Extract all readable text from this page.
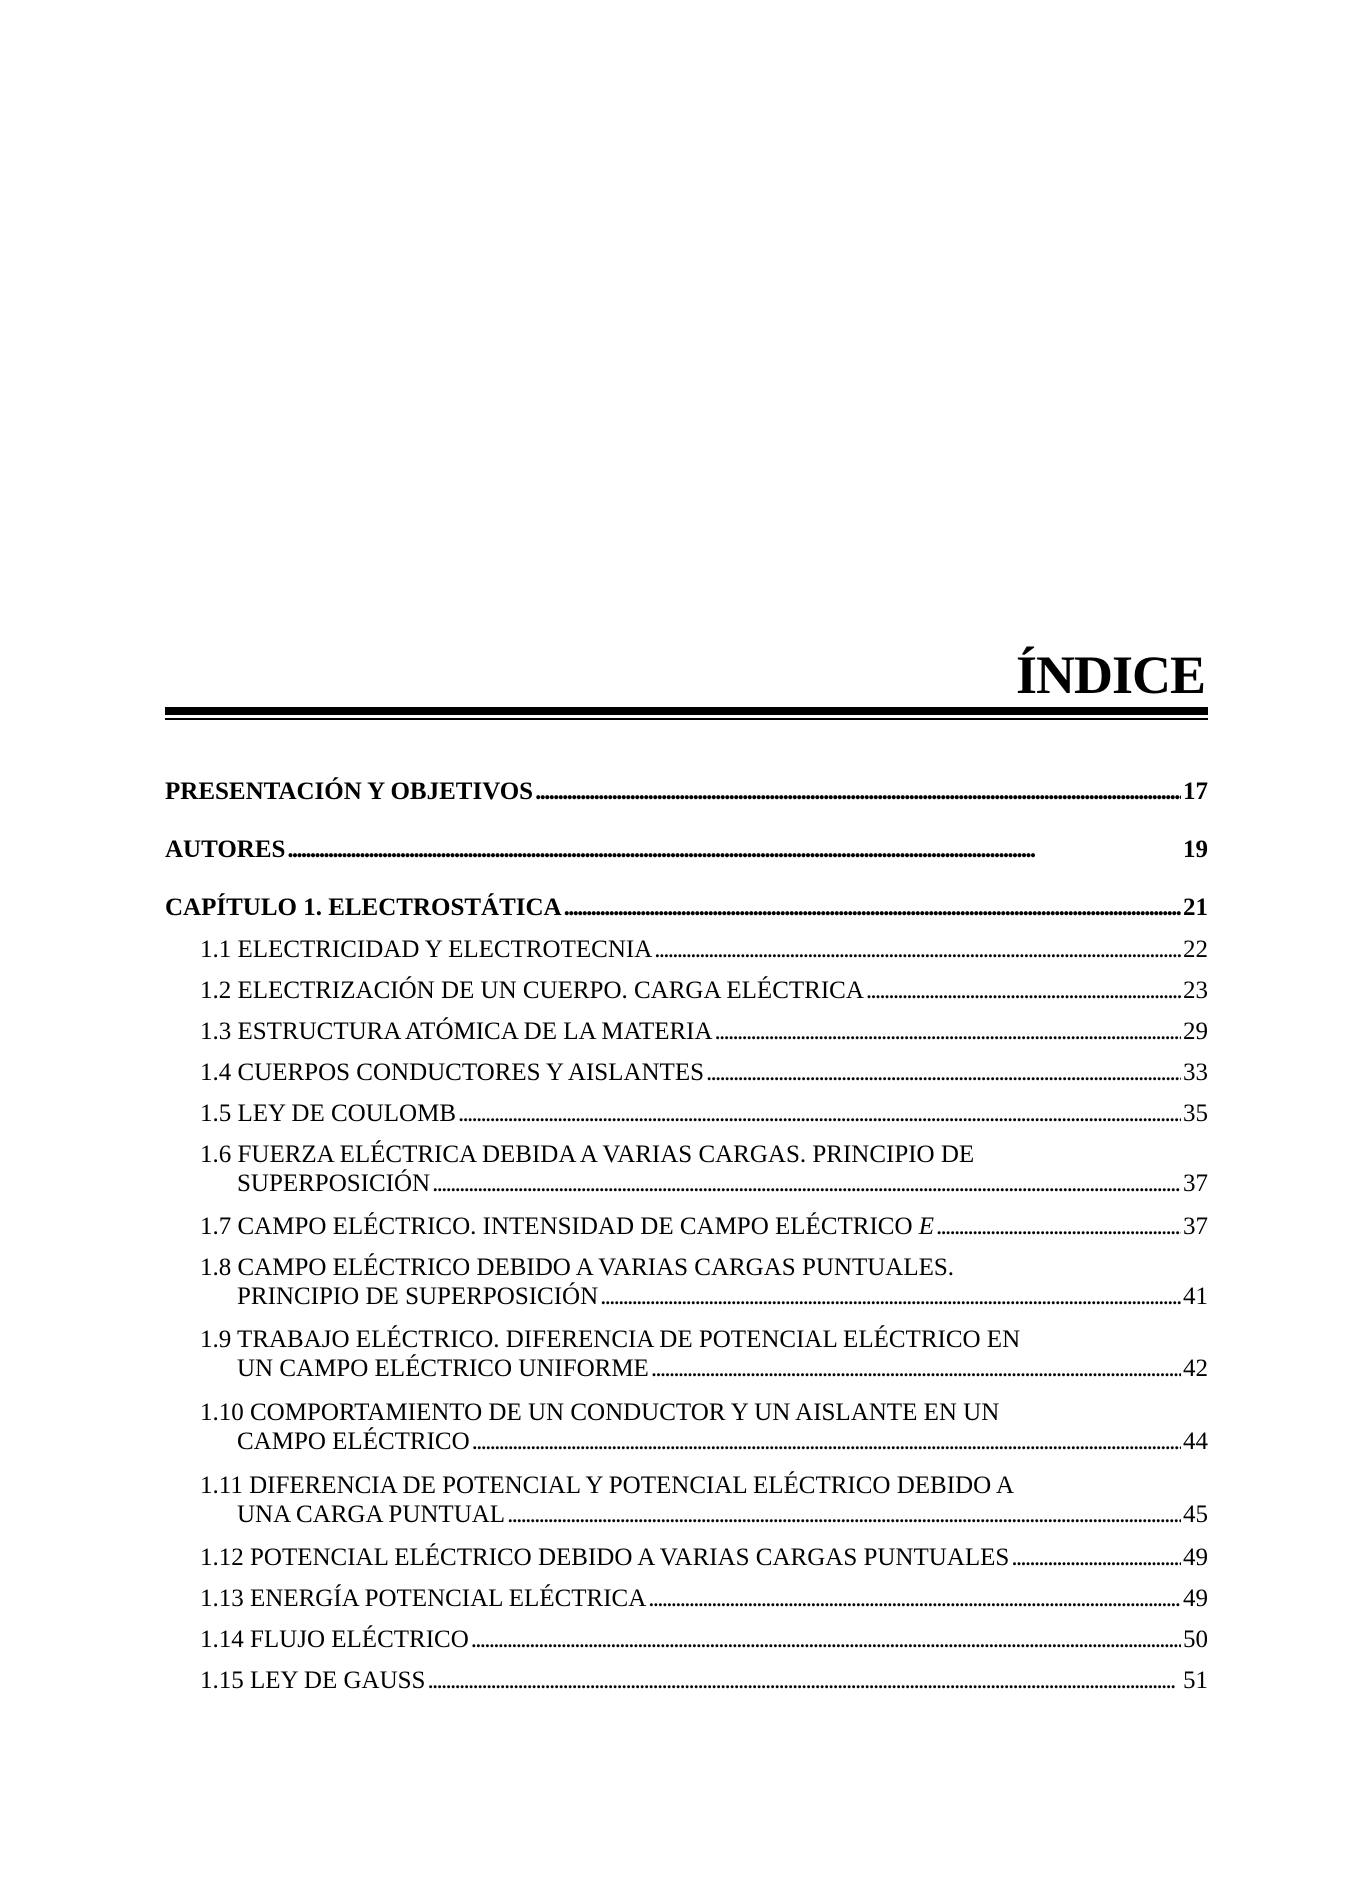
ÍNDICE
PRESENTACIÓN Y OBJETIVOS . . .	17
AUTORES . . .	19
CAPÍTULO 1. ELECTROSTÁTICA . . .	21
1.1 ELECTRICIDAD Y ELECTROTECNIA . . .	22
1.2 ELECTRIZACIÓN DE UN CUERPO. CARGA ELÉCTRICA . . .	23
1.3 ESTRUCTURA ATÓMICA DE LA MATERIA . . .	29
1.4 CUERPOS CONDUCTORES Y AISLANTES . . .	33
1.5 LEY DE COULOMB . . .	35
1.6 FUERZA ELÉCTRICA DEBIDA A VARIAS CARGAS. PRINCIPIO DE
SUPERPOSICIÓN . . .	37
1.7 CAMPO ELÉCTRICO. INTENSIDAD DE CAMPO ELÉCTRICO E . . .	37
1.8 CAMPO ELÉCTRICO DEBIDO A VARIAS CARGAS PUNTUALES.
PRINCIPIO DE SUPERPOSICIÓN . . .	41
1.9 TRABAJO ELÉCTRICO. DIFERENCIA DE POTENCIAL ELÉCTRICO EN
UN CAMPO ELÉCTRICO UNIFORME . . .	42
1.10 COMPORTAMIENTO DE UN CONDUCTOR Y UN AISLANTE EN UN
CAMPO ELÉCTRICO . . .	44
1.11 DIFERENCIA DE POTENCIAL Y POTENCIAL ELÉCTRICO DEBIDO A
UNA CARGA PUNTUAL . . .	45
1.12 POTENCIAL ELÉCTRICO DEBIDO A VARIAS CARGAS PUNTUALES . . .	49
1.13 ENERGÍA POTENCIAL ELÉCTRICA . . .	49
1.14 FLUJO ELÉCTRICO . . .	50
1.15 LEY DE GAUSS . . .	51
